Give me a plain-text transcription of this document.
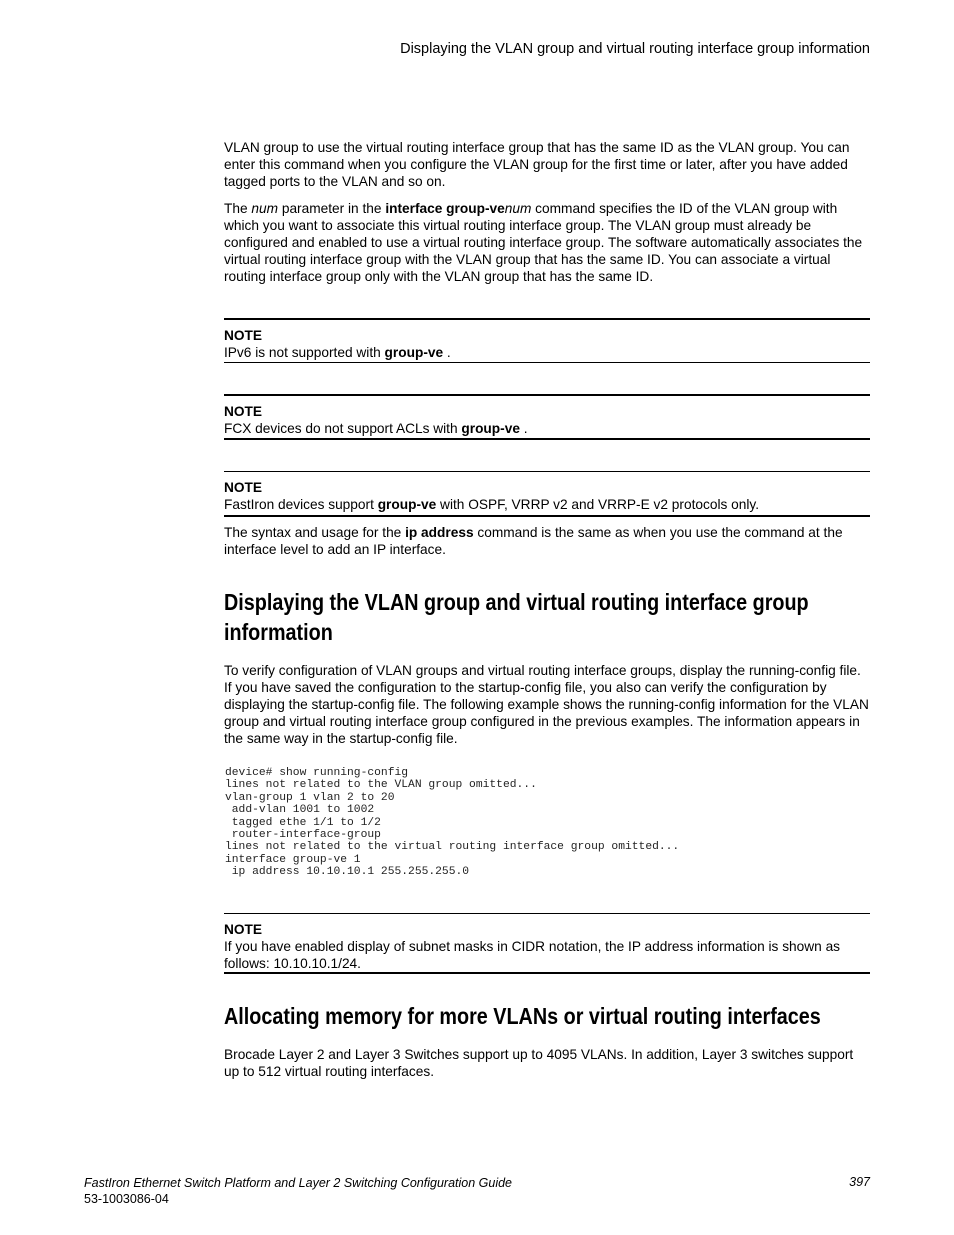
Displaying the VLAN group and virtual routing interface group information

VLAN group to use the virtual routing interface group that has the same ID as the VLAN group. You can enter this command when you configure the VLAN group for the first time or later, after you have added tagged ports to the VLAN and so on.

The num parameter in the interface group-venum command specifies the ID of the VLAN group with which you want to associate this virtual routing interface group. The VLAN group must already be configured and enabled to use a virtual routing interface group. The software automatically associates the virtual routing interface group with the VLAN group that has the same ID. You can associate a virtual routing interface group only with the VLAN group that has the same ID.

NOTE
IPv6 is not supported with group-ve .
NOTE
FCX devices do not support ACLs with group-ve .
NOTE
FastIron devices support group-ve with OSPF, VRRP v2 and VRRP-E v2 protocols only.

The syntax and usage for the ip address command is the same as when you use the command at the interface level to add an IP interface.

Displaying the VLAN group and virtual routing interface group information

To verify configuration of VLAN groups and virtual routing interface groups, display the running-config file. If you have saved the configuration to the startup-config file, you also can verify the configuration by displaying the startup-config file. The following example shows the running-config information for the VLAN group and virtual routing interface group configured in the previous examples. The information appears in the same way in the startup-config file.

device# show running-config
lines not related to the VLAN group omitted...
vlan-group 1 vlan 2 to 20
add-vlan 1001 to 1002
tagged ethe 1/1 to 1/2
router-interface-group
lines not related to the virtual routing interface group omitted...
interface group-ve 1
ip address 10.10.10.1 255.255.255.0
NOTE
If you have enabled display of subnet masks in CIDR notation, the IP address information is shown as follows: 10.10.10.1/24.
Allocating memory for more VLANs or virtual routing interfaces

Brocade Layer 2 and Layer 3 Switches support up to 4095 VLANs. In addition, Layer 3 switches support up to 512 virtual routing interfaces.

FastIron Ethernet Switch Platform and Layer 2 Switching Configuration Guide
53-1003086-04
397
